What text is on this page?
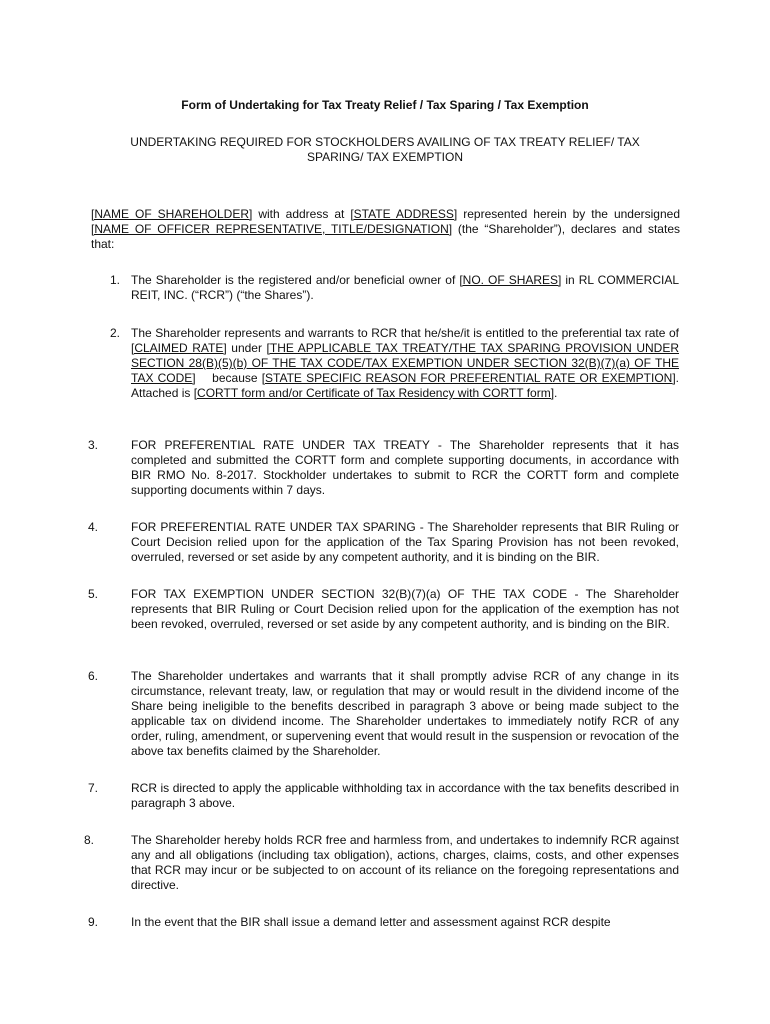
Form of Undertaking for Tax Treaty Relief / Tax Sparing / Tax Exemption
UNDERTAKING REQUIRED FOR STOCKHOLDERS AVAILING OF TAX TREATY RELIEF/ TAX SPARING/ TAX EXEMPTION
[NAME OF SHAREHOLDER] with address at [STATE ADDRESS] represented herein by the undersigned [NAME OF OFFICER REPRESENTATIVE, TITLE/DESIGNATION] (the “Shareholder”), declares and states that:
1. The Shareholder is the registered and/or beneficial owner of [NO. OF SHARES] in RL COMMERCIAL REIT, INC. (“RCR”) (“the Shares”).
2. The Shareholder represents and warrants to RCR that he/she/it is entitled to the preferential tax rate of [CLAIMED RATE] under [THE APPLICABLE TAX TREATY/THE TAX SPARING PROVISION UNDER SECTION 28(B)(5)(b) OF THE TAX CODE/TAX EXEMPTION UNDER SECTION 32(B)(7)(a) OF THE TAX CODE]    because [STATE SPECIFIC REASON FOR PREFERENTIAL RATE OR EXEMPTION]. Attached is [CORTT form and/or Certificate of Tax Residency with CORTT form].
3.	FOR PREFERENTIAL RATE UNDER TAX TREATY - The Shareholder represents that it has completed and submitted the CORTT form and complete supporting documents, in accordance with BIR RMO No. 8-2017. Stockholder undertakes to submit to RCR the CORTT form and complete supporting documents within 7 days.
4.	FOR PREFERENTIAL RATE UNDER TAX SPARING - The Shareholder represents that BIR Ruling or Court Decision relied upon for the application of the Tax Sparing Provision has not been revoked, overruled, reversed or set aside by any competent authority, and it is binding on the BIR.
5.	FOR TAX EXEMPTION UNDER SECTION 32(B)(7)(a) OF THE TAX CODE - The Shareholder represents that BIR Ruling or Court Decision relied upon for the application of the exemption has not been revoked, overruled, reversed or set aside by any competent authority, and is binding on the BIR.
6.	The Shareholder undertakes and warrants that it shall promptly advise RCR of any change in its circumstance, relevant treaty, law, or regulation that may or would result in the dividend income of the Share being ineligible to the benefits described in paragraph 3 above or being made subject to the applicable tax on dividend income. The Shareholder undertakes to immediately notify RCR of any order, ruling, amendment, or supervening event that would result in the suspension or revocation of the above tax benefits claimed by the Shareholder.
7.	RCR is directed to apply the applicable withholding tax in accordance with the tax benefits described in paragraph 3 above.
8.	The Shareholder hereby holds RCR free and harmless from, and undertakes to indemnify RCR against any and all obligations (including tax obligation), actions, charges, claims, costs, and other expenses that RCR may incur or be subjected to on account of its reliance on the foregoing representations and directive.
9.	In the event that the BIR shall issue a demand letter and assessment against RCR despite
